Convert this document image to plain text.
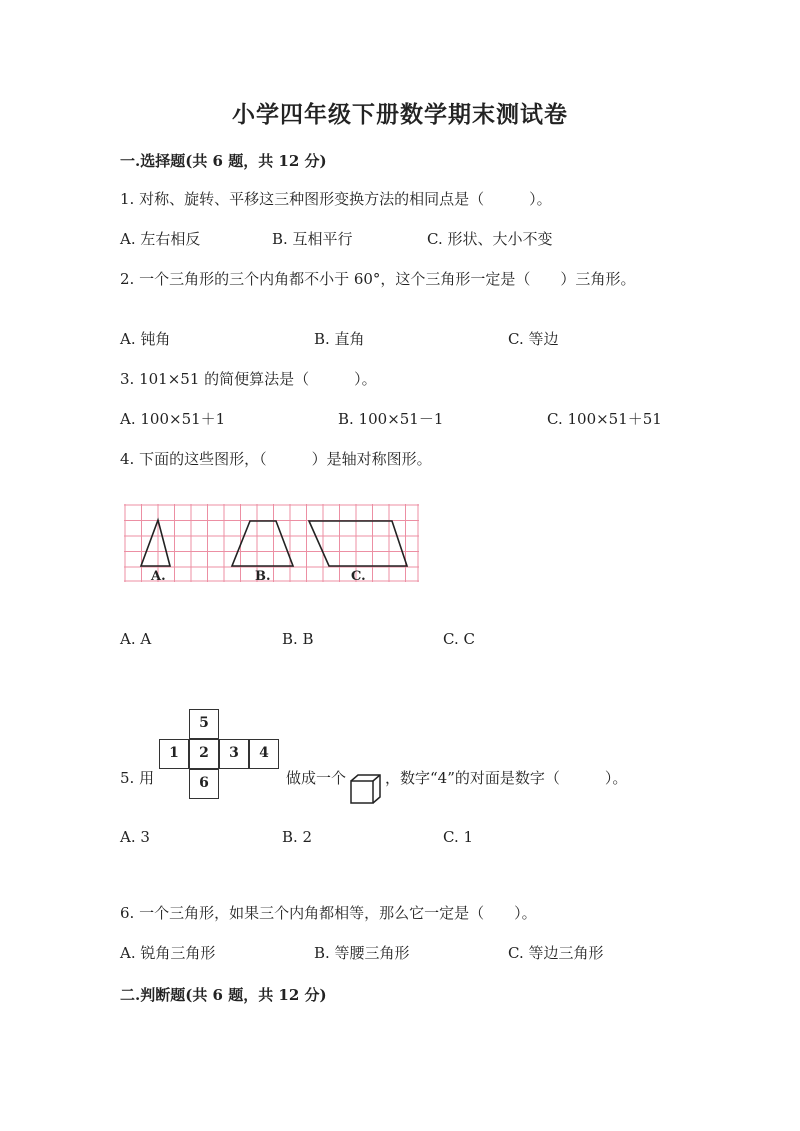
小学四年级下册数学期末测试卷
一.选择题(共 6 题，共 12 分)
1. 对称、旋转、平移这三种图形变换方法的相同点是（　　　）。
A. 左右相反	B. 互相平行	C. 形状、大小不变
2. 一个三角形的三个内角都不小于 60°，这个三角形一定是（　　）三角形。
A. 钝角	B. 直角	C. 等边
3. 101×51 的简便算法是（　　　）。
A. 100×51＋1	B. 100×51－1	C. 100×51＋51
4. 下面的这些图形，（　　　）是轴对称图形。
A.	B.	C.
A. A	B. B	C. C
5. 用
5
1	2	3	4
6	做成一个	，数字“4”的对面是数字（　　　）。
A. 3	B. 2	C. 1
6. 一个三角形，如果三个内角都相等，那么它一定是（　　）。
A. 锐角三角形	B. 等腰三角形	C. 等边三角形
二.判断题(共 6 题，共 12 分)
